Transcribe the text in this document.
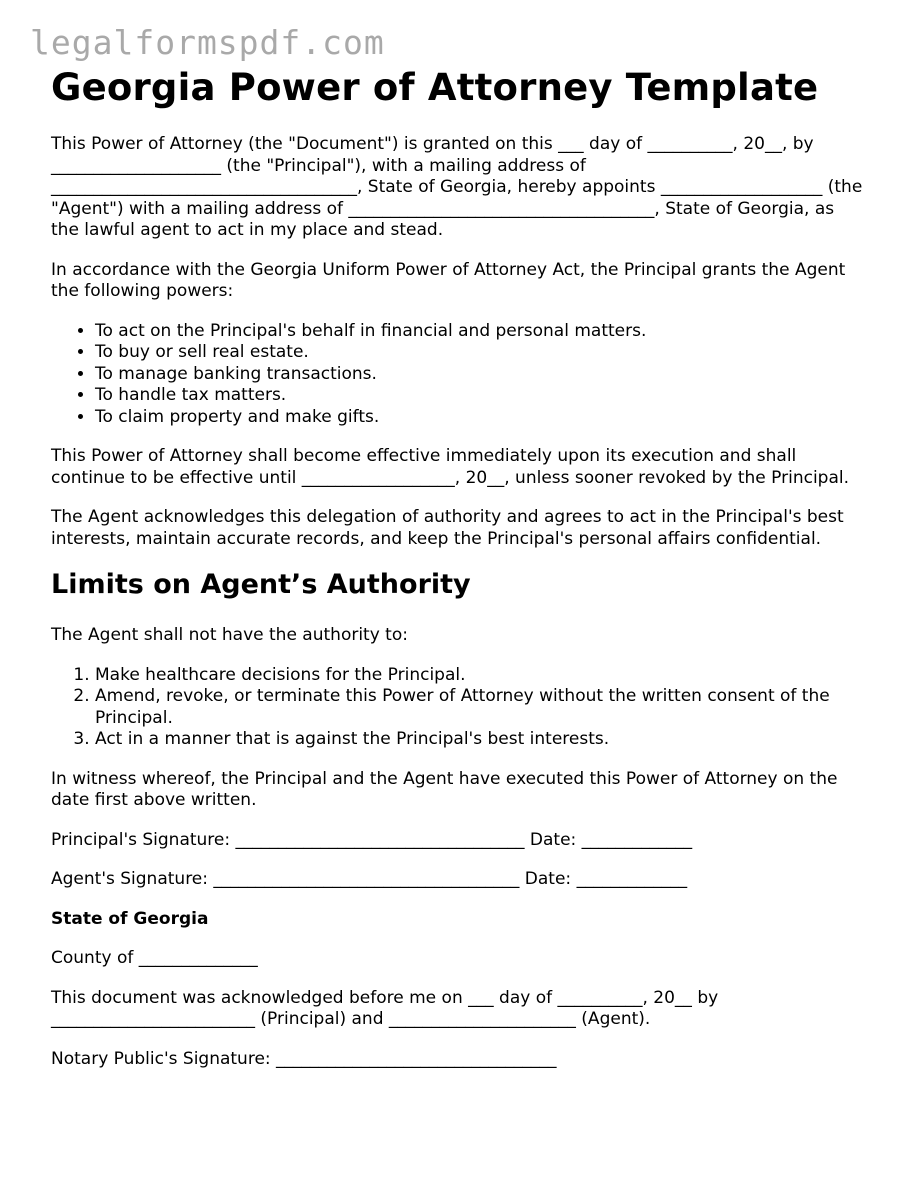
legalformspdf.com
Georgia Power of Attorney Template

This Power of Attorney (the "Document") is granted on this ___ day of __________, 20__, by ____________________ (the "Principal"), with a mailing address of ____________________________________, State of Georgia, hereby appoints ___________________ (the "Agent") with a mailing address of ____________________________________, State of Georgia, as the lawful agent to act in my place and stead.

In accordance with the Georgia Uniform Power of Attorney Act, the Principal grants the Agent the following powers:

• To act on the Principal's behalf in financial and personal matters.
• To buy or sell real estate.
• To manage banking transactions.
• To handle tax matters.
• To claim property and make gifts.

This Power of Attorney shall become effective immediately upon its execution and shall continue to be effective until __________________, 20__, unless sooner revoked by the Principal.

The Agent acknowledges this delegation of authority and agrees to act in the Principal's best interests, maintain accurate records, and keep the Principal's personal affairs confidential.

Limits on Agent’s Authority

The Agent shall not have the authority to:

1. Make healthcare decisions for the Principal.
2. Amend, revoke, or terminate this Power of Attorney without the written consent of the Principal.
3. Act in a manner that is against the Principal's best interests.

In witness whereof, the Principal and the Agent have executed this Power of Attorney on the date first above written.

Principal's Signature: __________________________________ Date: _____________

Agent's Signature: ____________________________________ Date: _____________

State of Georgia

County of ______________

This document was acknowledged before me on ___ day of __________, 20__ by ________________________ (Principal) and ______________________ (Agent).

Notary Public's Signature: _________________________________
